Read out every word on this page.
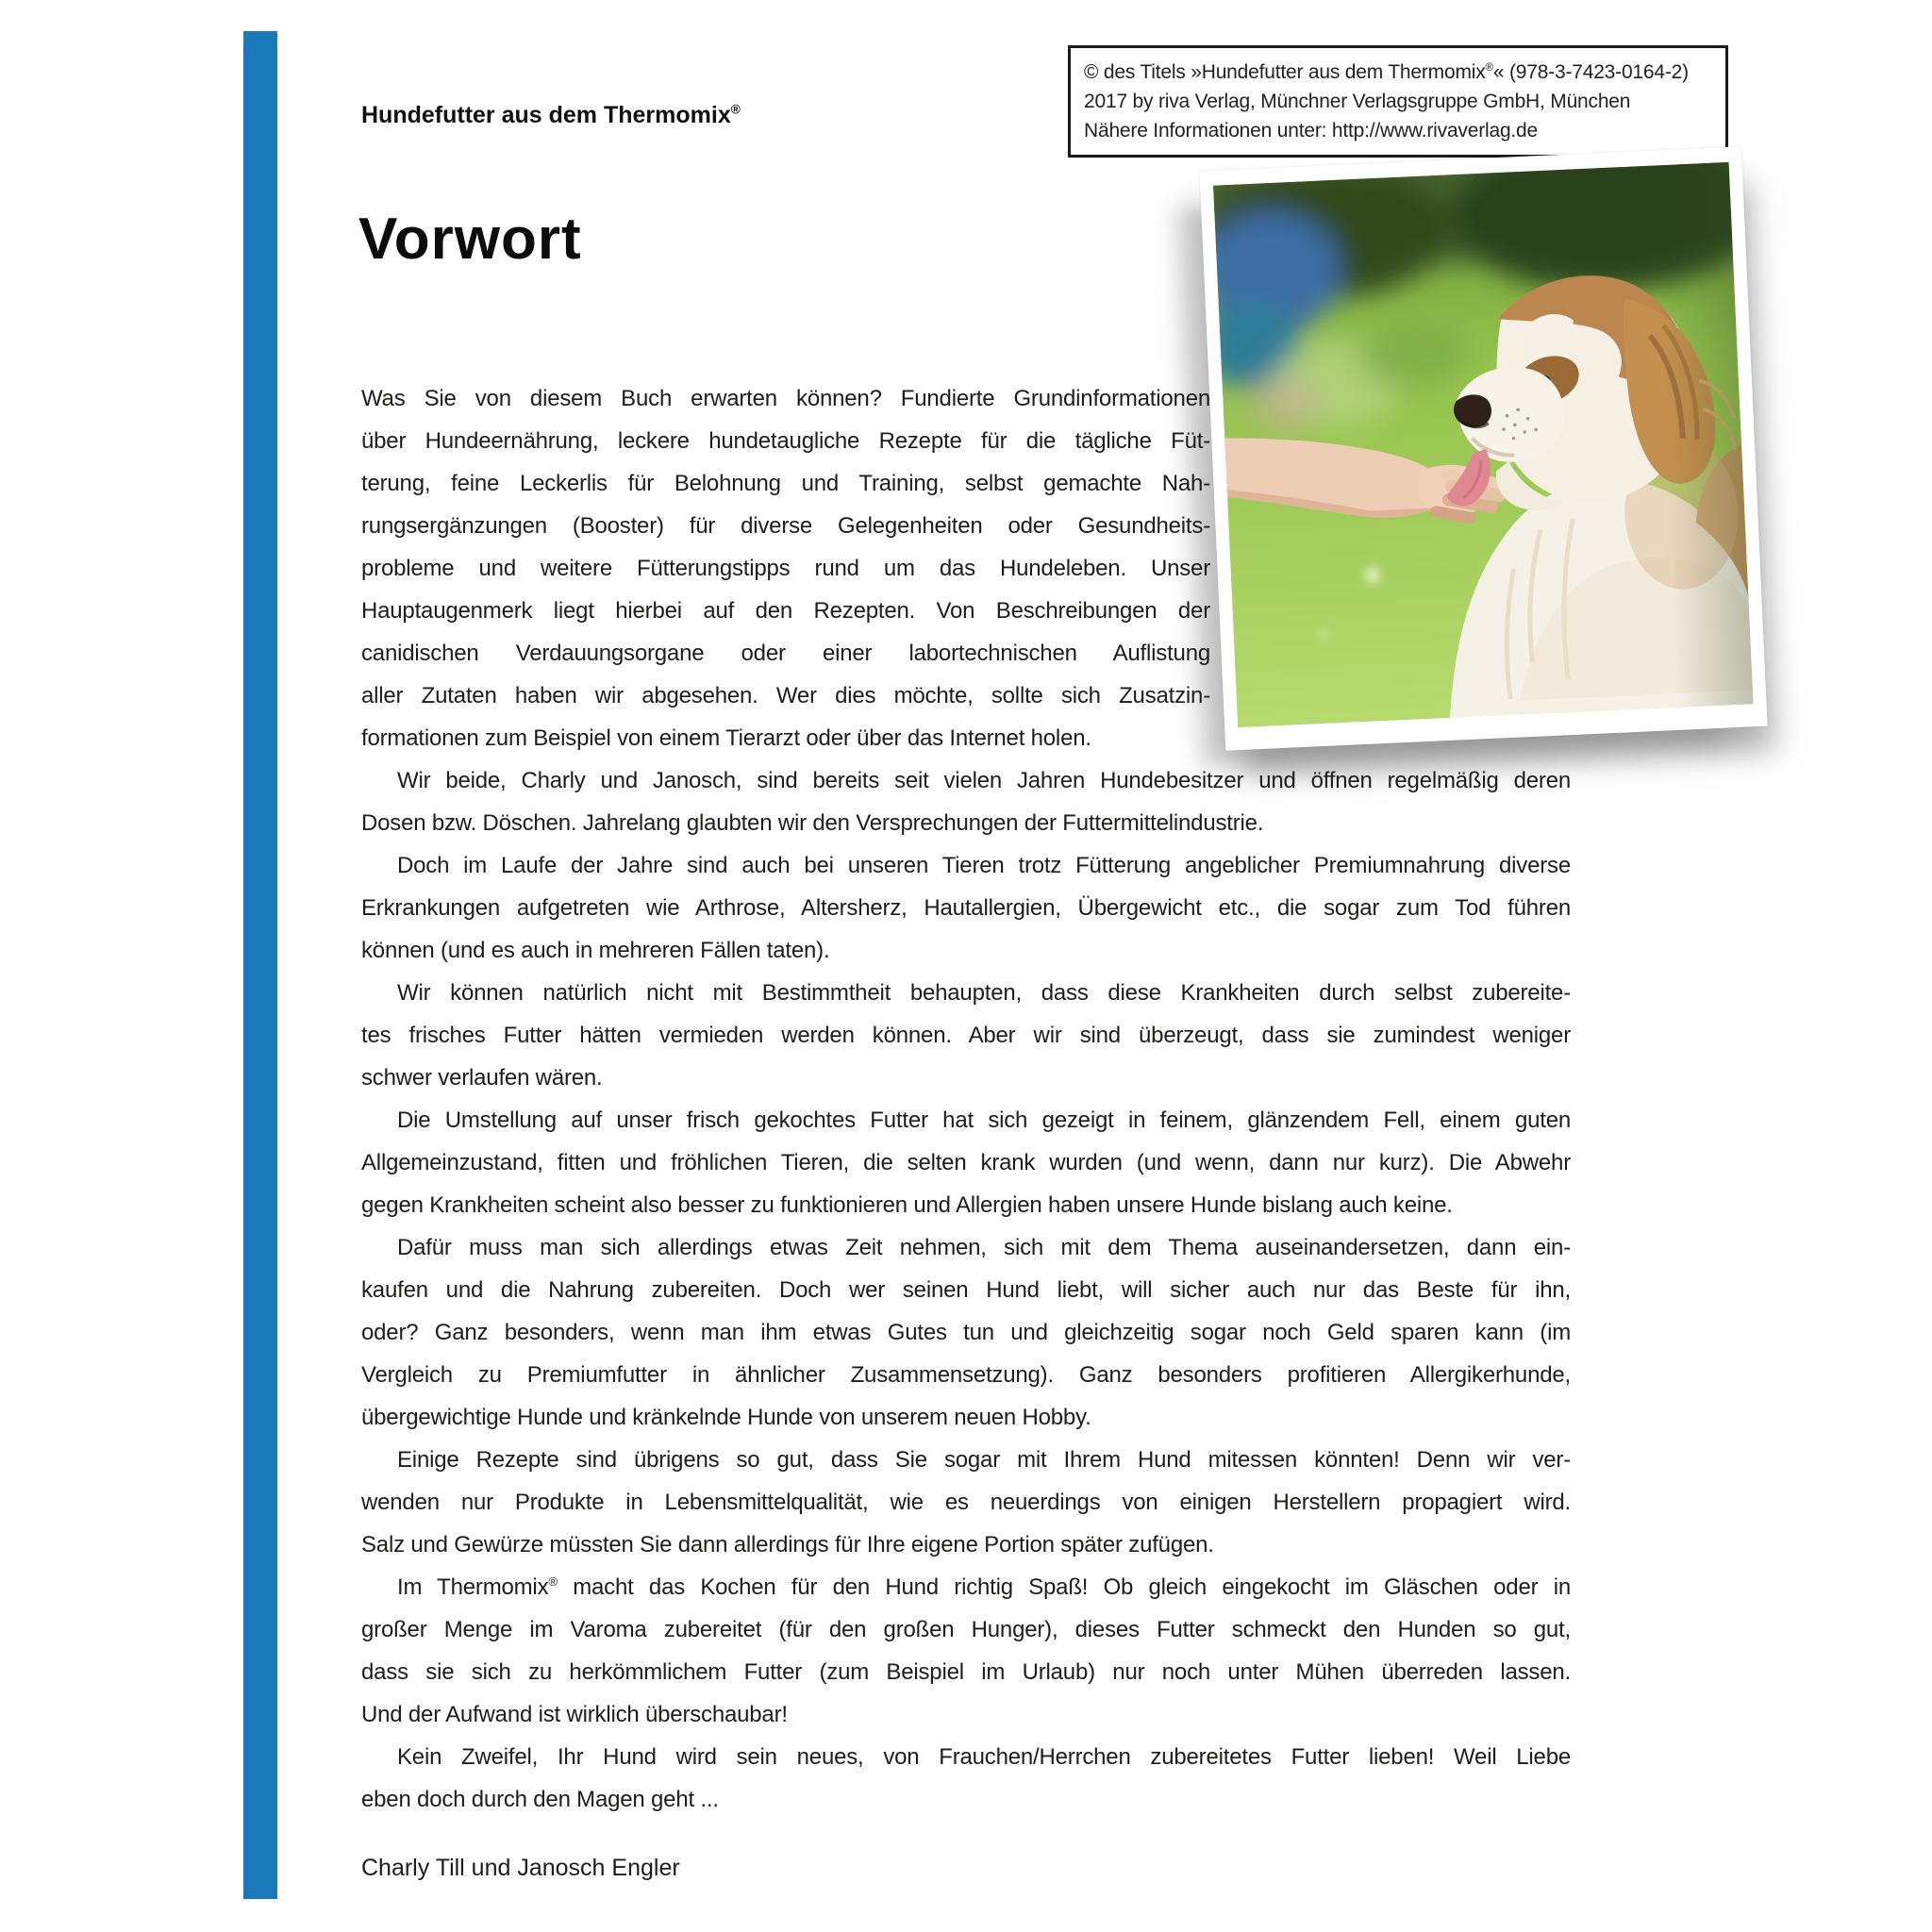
Hundefutter aus dem Thermomix®
© des Titels »Hundefutter aus dem Thermomix®« (978-3-7423-0164-2)
2017 by riva Verlag, Münchner Verlagsgruppe GmbH, München
Nähere Informationen unter: http://www.rivaverlag.de
Vorwort
Was Sie von diesem Buch erwarten können? Fundierte Grundinformationen
über Hundeernährung, leckere hundetaugliche Rezepte für die tägliche Füt-
terung, feine Leckerlis für Belohnung und Training, selbst gemachte Nah-
rungsergänzungen (Booster) für diverse Gelegenheiten oder Gesundheits-
probleme und weitere Fütterungstipps rund um das Hundeleben. Unser
Hauptaugenmerk liegt hierbei auf den Rezepten. Von Beschreibungen der
canidischen Verdauungsorgane oder einer labortechnischen Auflistung
aller Zutaten haben wir abgesehen. Wer dies möchte, sollte sich Zusatzin-
formationen zum Beispiel von einem Tierarzt oder über das Internet holen.
Wir beide, Charly und Janosch, sind bereits seit vielen Jahren Hundebesitzer und öffnen regelmäßig deren
Dosen bzw. Döschen. Jahrelang glaubten wir den Versprechungen der Futtermittelindustrie.
Doch im Laufe der Jahre sind auch bei unseren Tieren trotz Fütterung angeblicher Premiumnahrung diverse
Erkrankungen aufgetreten wie Arthrose, Altersherz, Hautallergien, Übergewicht etc., die sogar zum Tod führen
können (und es auch in mehreren Fällen taten).
Wir können natürlich nicht mit Bestimmtheit behaupten, dass diese Krankheiten durch selbst zubereite-
tes frisches Futter hätten vermieden werden können. Aber wir sind überzeugt, dass sie zumindest weniger
schwer verlaufen wären.
Die Umstellung auf unser frisch gekochtes Futter hat sich gezeigt in feinem, glänzendem Fell, einem guten
Allgemeinzustand, fitten und fröhlichen Tieren, die selten krank wurden (und wenn, dann nur kurz). Die Abwehr
gegen Krankheiten scheint also besser zu funktionieren und Allergien haben unsere Hunde bislang auch keine.
Dafür muss man sich allerdings etwas Zeit nehmen, sich mit dem Thema auseinandersetzen, dann ein-
kaufen und die Nahrung zubereiten. Doch wer seinen Hund liebt, will sicher auch nur das Beste für ihn,
oder? Ganz besonders, wenn man ihm etwas Gutes tun und gleichzeitig sogar noch Geld sparen kann (im
Vergleich zu Premiumfutter in ähnlicher Zusammensetzung). Ganz besonders profitieren Allergikerhunde,
übergewichtige Hunde und kränkelnde Hunde von unserem neuen Hobby.
Einige Rezepte sind übrigens so gut, dass Sie sogar mit Ihrem Hund mitessen könnten! Denn wir ver-
wenden nur Produkte in Lebensmittelqualität, wie es neuerdings von einigen Herstellern propagiert wird.
Salz und Gewürze müssten Sie dann allerdings für Ihre eigene Portion später zufügen.
Im Thermomix® macht das Kochen für den Hund richtig Spaß! Ob gleich eingekocht im Gläschen oder in
großer Menge im Varoma zubereitet (für den großen Hunger), dieses Futter schmeckt den Hunden so gut,
dass sie sich zu herkömmlichem Futter (zum Beispiel im Urlaub) nur noch unter Mühen überreden lassen.
Und der Aufwand ist wirklich überschaubar!
Kein Zweifel, Ihr Hund wird sein neues, von Frauchen/Herrchen zubereitetes Futter lieben! Weil Liebe
eben doch durch den Magen geht ...
Charly Till und Janosch Engler
